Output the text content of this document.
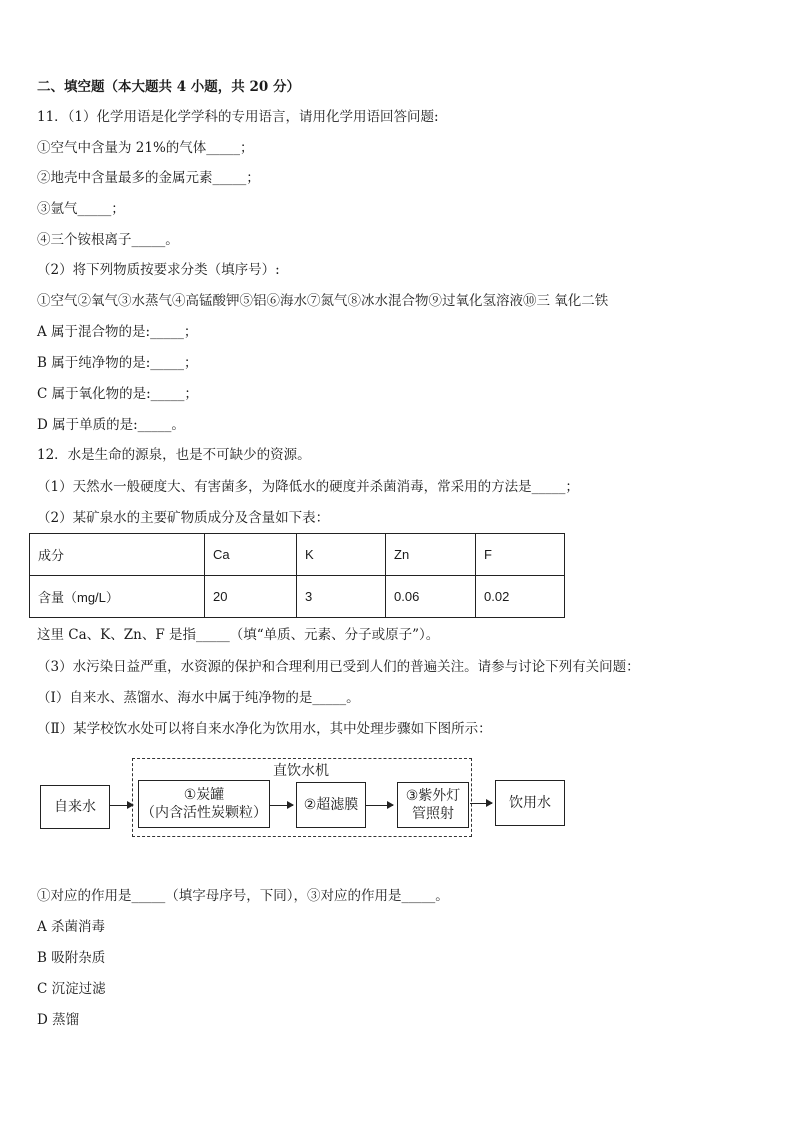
二、填空题（本大题共 4 小题，共 20 分）
11．（1）化学用语是化学学科的专用语言，请用化学用语回答问题:
①空气中含量为 21%的气体_____；
②地壳中含量最多的金属元素_____；
③氩气_____；
④三个铵根离子_____。
（2）将下列物质按要求分类（填序号）:
①空气②氧气③水蒸气④高锰酸钾⑤铝⑥海水⑦氮气⑧冰水混合物⑨过氧化氢溶液⑩三 氧化二铁
A 属于混合物的是:_____；
B 属于纯净物的是:_____；
C 属于氧化物的是:_____；
D 属于单质的是:_____。
12．水是生命的源泉，也是不可缺少的资源。
（1）天然水一般硬度大、有害菌多，为降低水的硬度并杀菌消毒，常采用的方法是_____；
（2）某矿泉水的主要矿物质成分及含量如下表：
成分	Ca	K	Zn	F
含量（mg/L）	20	3	0.06	0.02
这里 Ca、K、Zn、F 是指_____（填“单质、元素、分子或原子”）。
（3）水污染日益严重，水资源的保护和合理利用已受到人们的普遍关注。请参与讨论下列有关问题：
（Ⅰ）自来水、蒸馏水、海水中属于纯净物的是_____。
（Ⅱ）某学校饮水处可以将自来水净化为饮用水，其中处理步骤如下图所示：
直饮水机
自来水
①炭罐
（内含活性炭颗粒）	②超滤膜
③紫外灯
管照射
饮用水
①对应的作用是_____（填字母序号，下同），③对应的作用是_____。
A 杀菌消毒
B 吸附杂质
C 沉淀过滤
D 蒸馏
